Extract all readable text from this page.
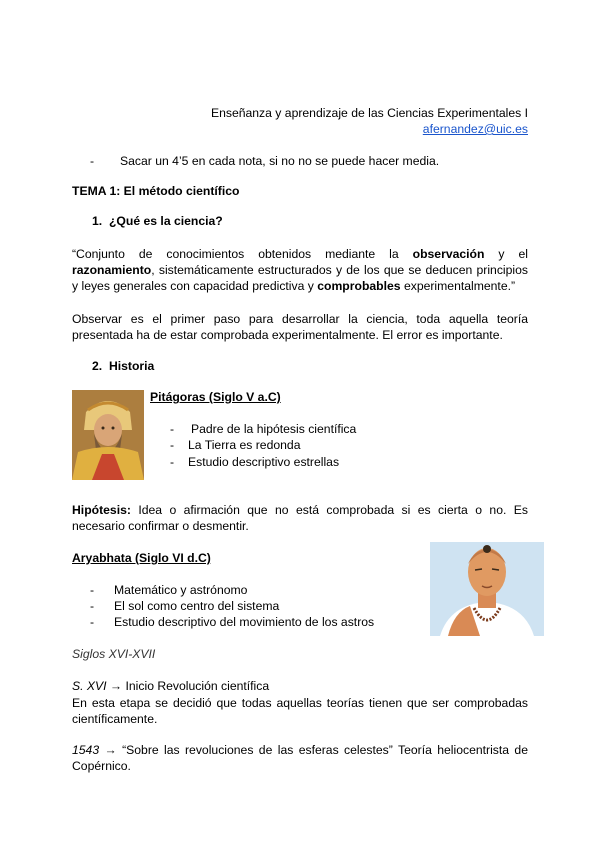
Enseñanza y aprendizaje de las Ciencias Experimentales I
afernandez@uic.es
- Sacar un 4’5 en cada nota, si no no se puede hacer media.
TEMA 1: El método científico
1. ¿Qué es la ciencia?

“Conjunto de conocimientos obtenidos mediante la observación y el razonamiento, sistemáticamente estructurados y de los que se deducen principios y leyes generales con capacidad predictiva y comprobables experimentalmente.”

Observar es el primer paso para desarrollar la ciencia, toda aquella teoría presentada ha de estar comprobada experimentalmente. El error es importante.

2. Historia
Pitágoras (Siglo V a.C)
- Padre de la hipótesis científica
- La Tierra es redonda
- Estudio descriptivo estrellas

Hipótesis: Idea o afirmación que no está comprobada si es cierta o no. Es necesario confirmar o desmentir.

Aryabhata (Siglo VI d.C)
- Matemático y astrónomo
- El sol como centro del sistema
- Estudio descriptivo del movimiento de los astros
Siglos XVI-XVII
S. XVI → Inicio Revolución científica

En esta etapa se decidió que todas aquellas teorías tienen que ser comprobadas científicamente.

1543 → “Sobre las revoluciones de las esferas celestes” Teoría heliocentrista de Copérnico.
